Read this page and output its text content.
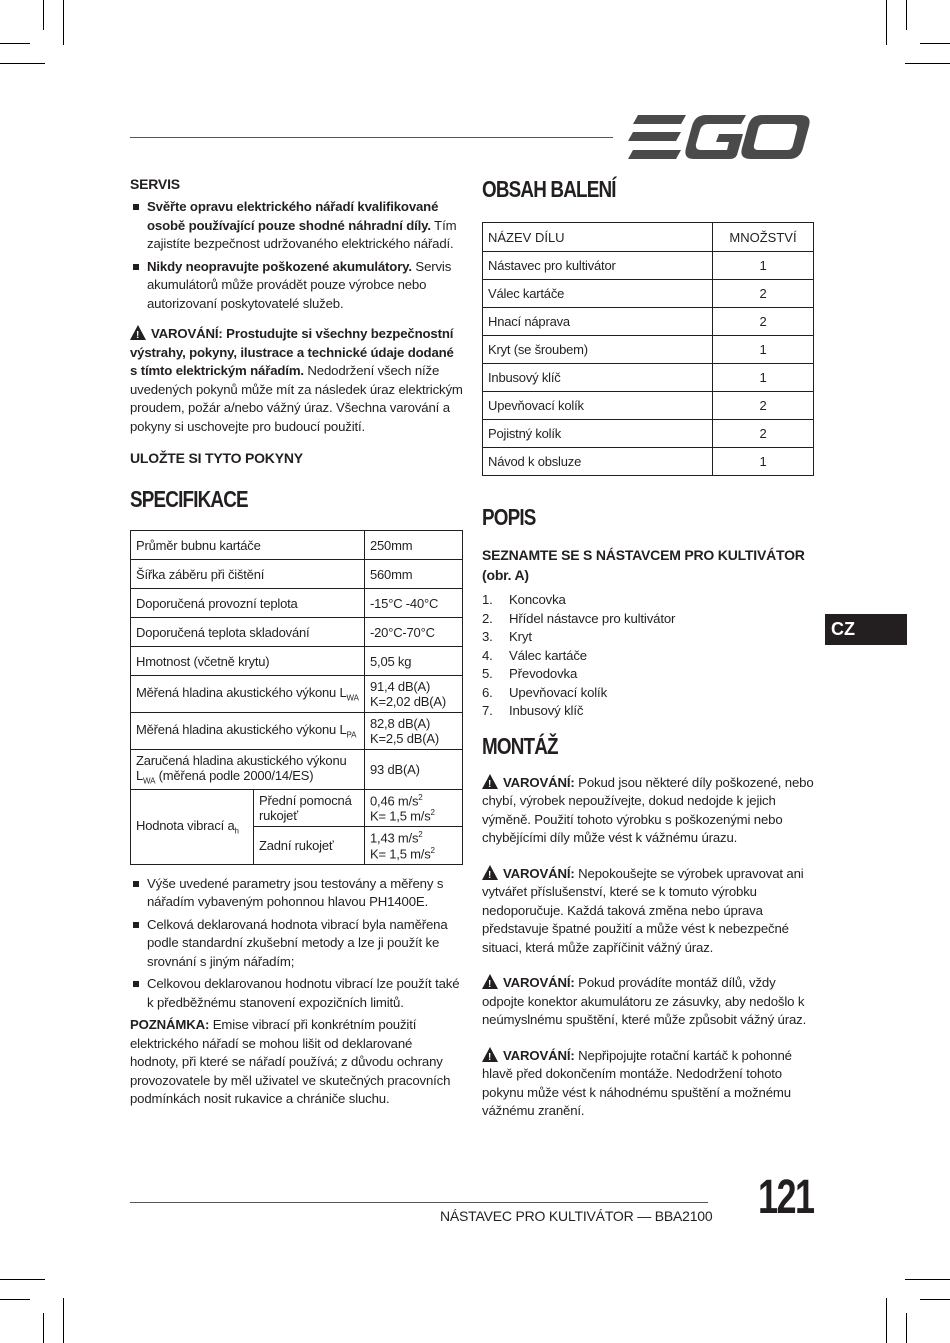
SERVIS
Svěřte opravu elektrického nářadí kvalifikované osobě používající pouze shodné náhradní díly. Tím zajistíte bezpečnost udržovaného elektrického nářadí.
Nikdy neopravujte poškozené akumulátory. Servis akumulátorů může provádět pouze výrobce nebo autorizovaní poskytovatelé služeb.

!VAROVÁNÍ: Prostudujte si všechny bezpečnostní výstrahy, pokyny, ilustrace a technické údaje dodané s tímto elektrickým nářadím. Nedodržení všech níže uvedených pokynů může mít za následek úraz elektrickým proudem, požár a/nebo vážný úraz. Všechna varování a pokyny si uschovejte pro budoucí použití.

ULOŽTE SI TYTO POKYNY
SPECIFIKACE
Průměr bubnu kartáče		250mm
Šířka záběru při čištění		560mm
Doporučená provozní teplota		-15°C -40°C
Doporučená teplota skladování		-20°C-70°C
Hmotnost (včetně krytu)		5,05 kg
Měřená hladina akustického výkonu $L_{WA}$		91,4 dB(A)
K=2,02 dB(A)
Měřená hladina akustického výkonu $L_{PA}$		82,8 dB(A)
K=2,5 dB(A)
Zaručená hladina akustického výkonu
$L_{WA}$ (měřená podle 2000/14/ES)		93 dB(A)
Hodnota vibrací $a_h$	Přední pomocná rukojeť	0,46 $m/s^2$
K= 1,5 $m/s^2$
	Zadní rukojeť	1,43 $m/s^2$
K= 1,5 $m/s^2$
Výše uvedené parametry jsou testovány a měřeny s nářadím vybaveným pohonnou hlavou PH1400E.
Celková deklarovaná hodnota vibrací byla naměřena podle standardní zkušební metody a lze ji použít ke srovnání s jiným nářadím;
Celkovou deklarovanou hodnotu vibrací lze použít také k předběžnému stanovení expozičních limitů.

POZNÁMKA: Emise vibrací při konkrétním použití elektrického nářadí se mohou lišit od deklarované hodnoty, při které se nářadí používá; z důvodu ochrany provozovatele by měl uživatel ve skutečných pracovních podmínkách nosit rukavice a chrániče sluchu.

OBSAH BALENÍ
NÁZEV DÍLU	MNOŽSTVÍ
Nástavec pro kultivátor	1
Válec kartáče	2
Hnací náprava	2
Kryt (se šroubem)	1
Inbusový klíč	1
Upevňovací kolík	2
Pojistný kolík	2
Návod k obsluze	1
POPIS
SEZNAMTE SE S NÁSTAVCEM PRO KULTIVÁTOR (obr. A)
1. Koncovka
2. Hřídel nástavce pro kultivátor
3. Kryt
4. Válec kartáče
5. Převodovka
6. Upevňovací kolík
7. Inbusový klíč
MONTÁŽ

!VAROVÁNÍ: Pokud jsou některé díly poškozené, nebo chybí, výrobek nepoužívejte, dokud nedojde k jejich výměně. Použití tohoto výrobku s poškozenými nebo chybějícími díly může vést k vážnému úrazu.

!VAROVÁNÍ: Nepokoušejte se výrobek upravovat ani vytvářet příslušenství, které se k tomuto výrobku nedoporučuje. Každá taková změna nebo úprava představuje špatné použití a může vést k nebezpečné situaci, která může zapříčinit vážný úraz.

!VAROVÁNÍ: Pokud provádíte montáž dílů, vždy odpojte konektor akumulátoru ze zásuvky, aby nedošlo k neúmyslnému spuštění, které může způsobit vážný úraz.

!VAROVÁNÍ: Nepřipojujte rotační kartáč k pohonné hlavě před dokončením montáže. Nedodržení tohoto pokynu může vést k náhodnému spuštění a možnému vážnému zranění.

CZ
NÁSTAVEC PRO KULTIVÁTOR — BBA2100 121
